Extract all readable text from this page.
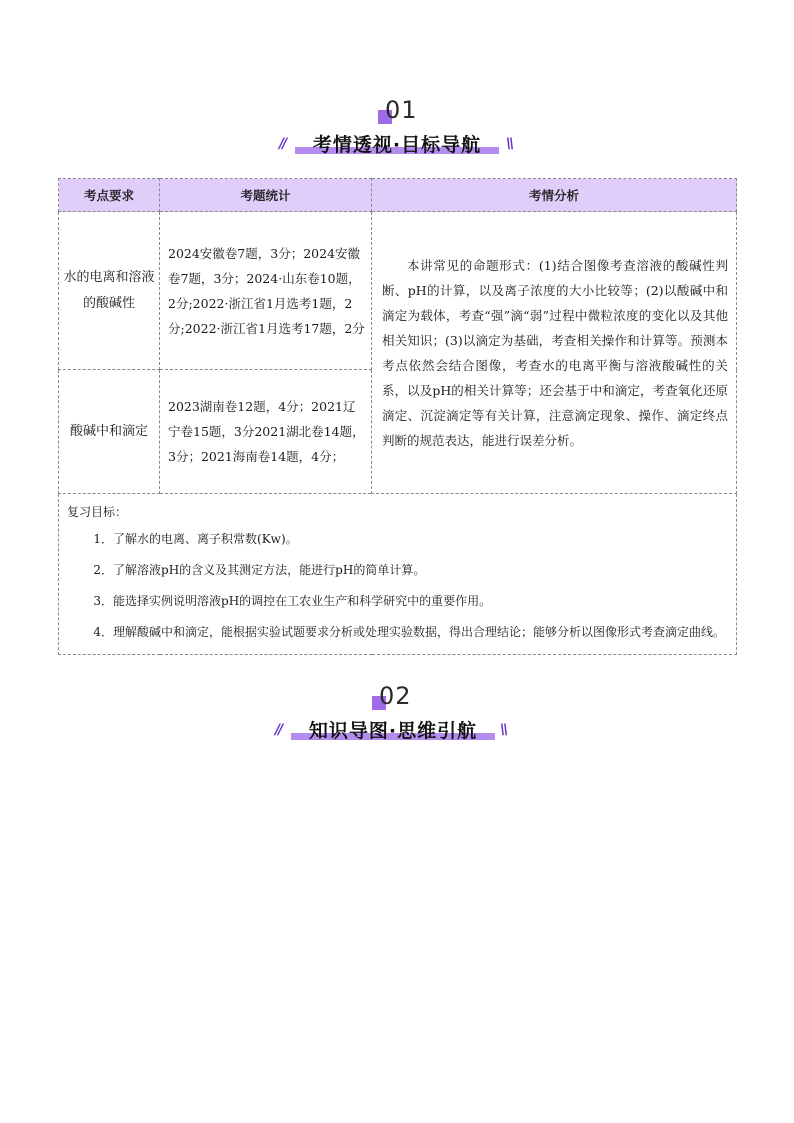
01
//	考情透视·目标导航	\\
考点要求	考题统计	考情分析
水的电离和溶液的酸碱性	2024安徽卷7题，3分；2024安徽卷7题，3分；2024·山东卷10题，2分;2022·浙江省1月选考1题，2分;2022·浙江省1月选考17题，2分	本讲常见的命题形式：(1)结合图像考查溶液的酸碱性判断、pH的计算，以及离子浓度的大小比较等；(2)以酸碱中和滴定为载体，考查“强”滴“弱”过程中微粒浓度的变化以及其他相关知识；(3)以滴定为基础，考查相关操作和计算等。预测本考点依然会结合图像，考查水的电离平衡与溶液酸碱性的关系，以及pH的相关计算等；还会基于中和滴定，考查氧化还原滴定、沉淀滴定等有关计算，注意滴定现象、操作、滴定终点判断的规范表达，能进行误差分析。
酸碱中和滴定	2023湖南卷12题，4分；2021辽宁卷15题，3分2021湖北卷14题，3分；2021海南卷14题，4分；	

复习目标：
1．了解水的电离、离子积常数(Kw)。
2．了解溶液pH的含义及其测定方法，能进行pH的简单计算。
3．能选择实例说明溶液pH的调控在工农业生产和科学研究中的重要作用。
4．理解酸碱中和滴定，能根据实验试题要求分析或处理实验数据，得出合理结论；能够分析以图像形式考查滴定曲线。		
02
//	知识导图·思维引航	\\
